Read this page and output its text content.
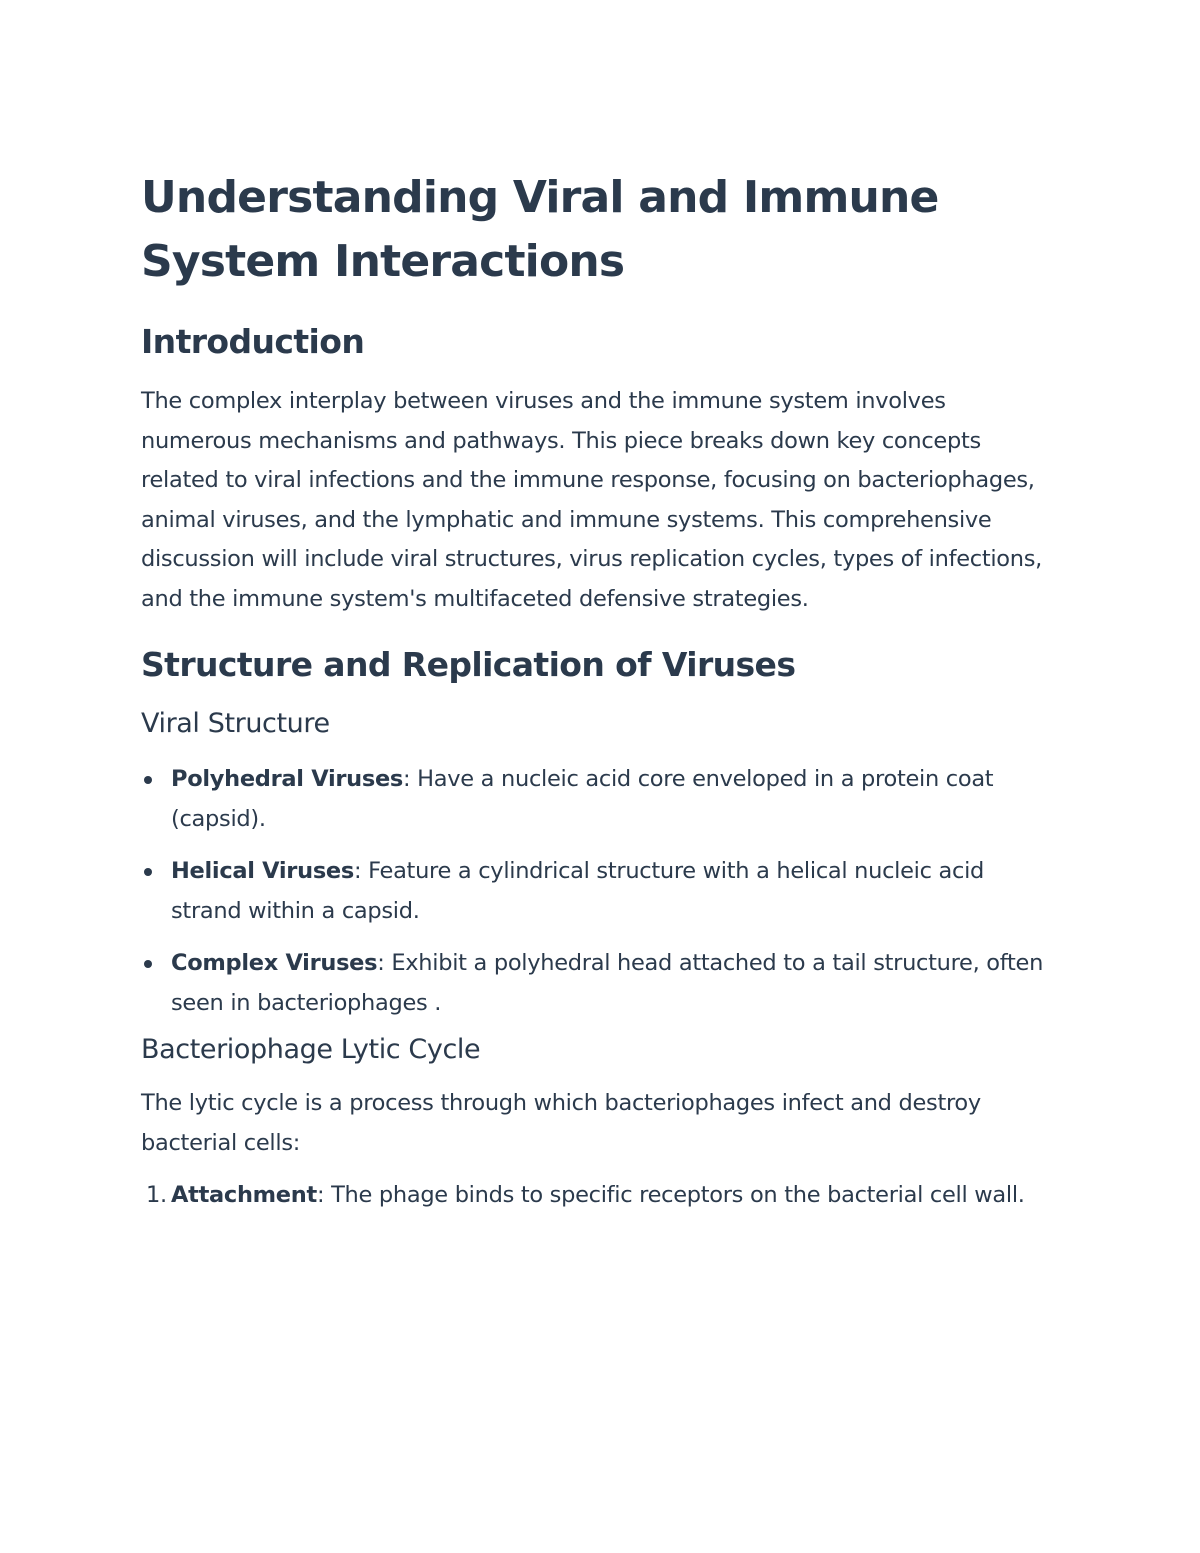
Understanding Viral and Immune System Interactions
Introduction

The complex interplay between viruses and the immune system involves numerous mechanisms and pathways. This piece breaks down key concepts related to viral infections and the immune response, focusing on bacteriophages, animal viruses, and the lymphatic and immune systems. This comprehensive discussion will include viral structures, virus replication cycles, types of infections, and the immune system's multifaceted defensive strategies.

Structure and Replication of Viruses
Viral Structure
Polyhedral Viruses: Have a nucleic acid core enveloped in a protein coat (capsid).
Helical Viruses: Feature a cylindrical structure with a helical nucleic acid strand within a capsid.
Complex Viruses: Exhibit a polyhedral head attached to a tail structure, often seen in bacteriophages .
Bacteriophage Lytic Cycle

The lytic cycle is a process through which bacteriophages infect and destroy bacterial cells:

1. Attachment: The phage binds to specific receptors on the bacterial cell wall.
